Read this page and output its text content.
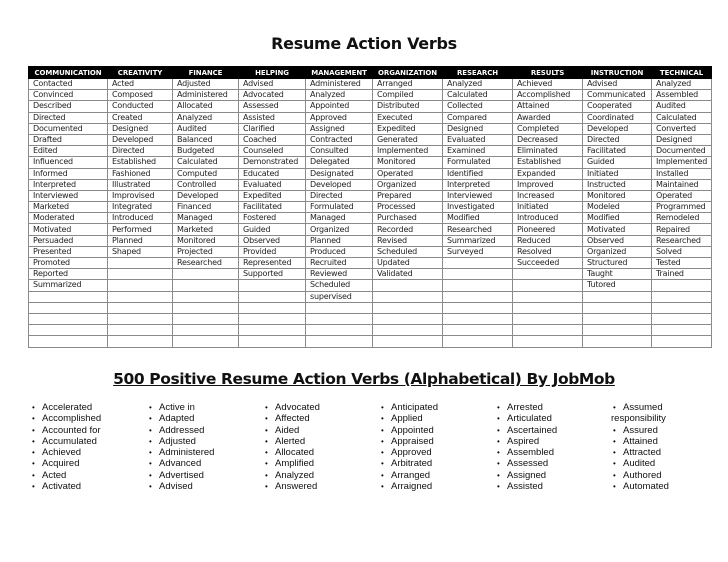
Resume Action Verbs
COMMUNICATION	CREATIVITY	FINANCE	HELPING	MANAGEMENT	ORGANIZATION	RESEARCH	RESULTS	INSTRUCTION	TECHNICAL
Contacted	Acted	Adjusted	Advised	Administered	Arranged	Analyzed	Achieved	Advised	Analyzed
Convinced	Composed	Administered	Advocated	Analyzed	Compiled	Calculated	Accomplished	Communicated	Assembled
Described	Conducted	Allocated	Assessed	Appointed	Distributed	Collected	Attained	Cooperated	Audited
Directed	Created	Analyzed	Assisted	Approved	Executed	Compared	Awarded	Coordinated	Calculated
Documented	Designed	Audited	Clarified	Assigned	Expedited	Designed	Completed	Developed	Converted
Drafted	Developed	Balanced	Coached	Contracted	Generated	Evaluated	Decreased	Directed	Designed
Edited	Directed	Budgeted	Counseled	Consulted	Implemented	Examined	Eliminated	Facilitated	Documented
Influenced	Established	Calculated	Demonstrated	Delegated	Monitored	Formulated	Established	Guided	Implemented
Informed	Fashioned	Computed	Educated	Designated	Operated	Identified	Expanded	Initiated	Installed
Interpreted	Illustrated	Controlled	Evaluated	Developed	Organized	Interpreted	Improved	Instructed	Maintained
Interviewed	Improvised	Developed	Expedited	Directed	Prepared	Interviewed	Increased	Monitored	Operated
Marketed	Integrated	Financed	Facilitated	Formulated	Processed	Investigated	Initiated	Modeled	Programmed
Moderated	Introduced	Managed	Fostered	Managed	Purchased	Modified	Introduced	Modified	Remodeled
Motivated	Performed	Marketed	Guided	Organized	Recorded	Researched	Pioneered	Motivated	Repaired
Persuaded	Planned	Monitored	Observed	Planned	Revised	Summarized	Reduced	Observed	Researched
Presented	Shaped	Projected	Provided	Produced	Scheduled	Surveyed	Resolved	Organized	Solved
Promoted		Researched	Represented	Recruited	Updated		Succeeded	Structured	Tested
Reported			Supported	Reviewed	Validated			Taught	Trained
Summarized				Scheduled				Tutored	
				supervised					

500 Positive Resume Action Verbs (Alphabetical) By JobMob
• Accelerated
• Accomplished
• Accounted for
• Accumulated
• Achieved
• Acquired
• Acted
• Activated
• Active in
• Adapted
• Addressed
• Adjusted
• Administered
• Advanced
• Advertised
• Advised
• Advocated
• Affected
• Aided
• Alerted
• Allocated
• Amplified
• Analyzed
• Answered
• Anticipated
• Applied
• Appointed
• Appraised
• Approved
• Arbitrated
• Arranged
• Arraigned
• Arrested
• Articulated
• Ascertained
• Aspired
• Assembled
• Assessed
• Assigned
• Assisted
• Assumed
responsibility
• Assured
• Attained
• Attracted
• Audited
• Authored
• Automated
